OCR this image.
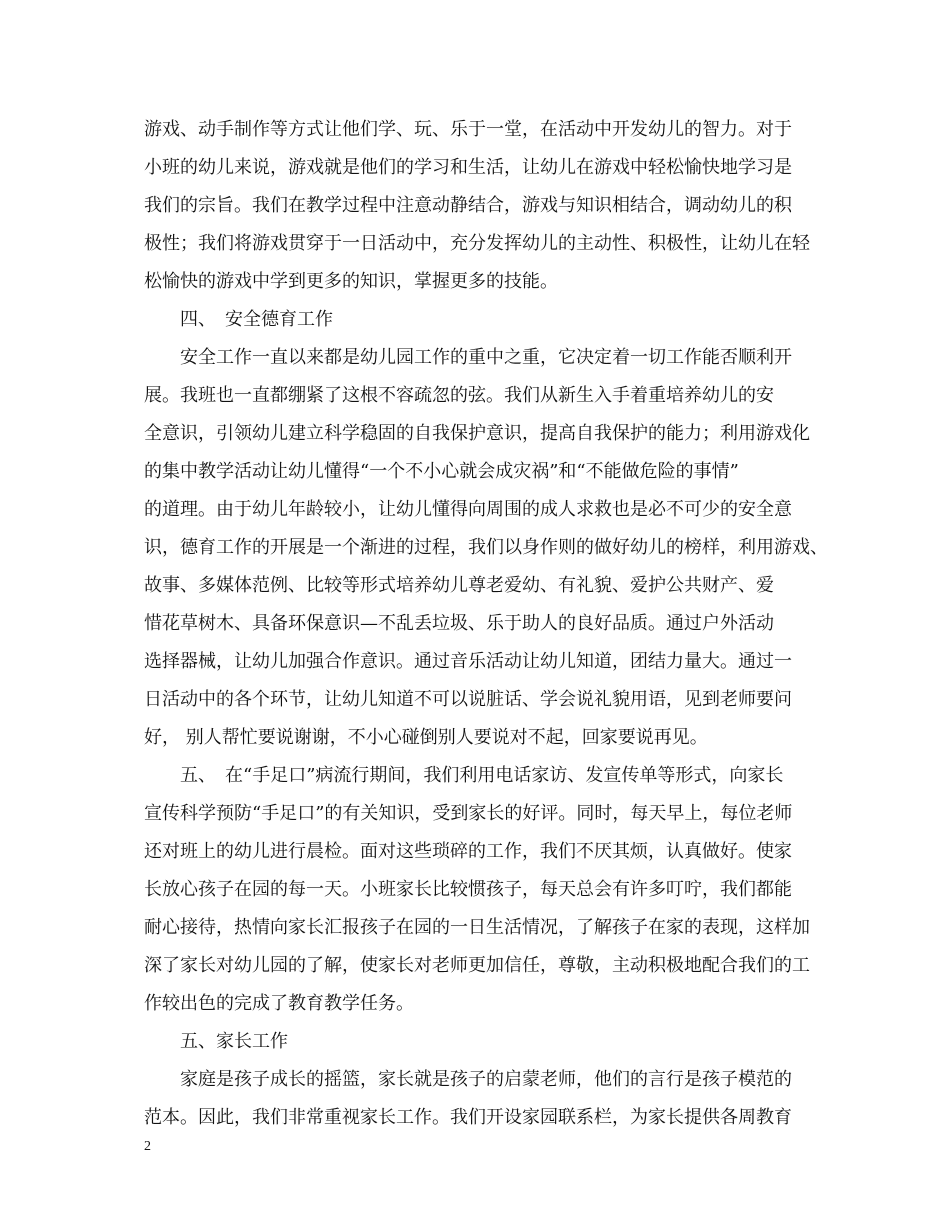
游戏、动手制作等方式让他们学、玩、乐于一堂，在活动中开发幼儿的智力。对于
小班的幼儿来说，游戏就是他们的学习和生活，让幼儿在游戏中轻松愉快地学习是
我们的宗旨。我们在教学过程中注意动静结合，游戏与知识相结合，调动幼儿的积
极性；我们将游戏贯穿于一日活动中，充分发挥幼儿的主动性、积极性，让幼儿在轻
松愉快的游戏中学到更多的知识，掌握更多的技能。
　　四、　安全德育工作
　　安全工作一直以来都是幼儿园工作的重中之重，它决定着一切工作能否顺利开
展。我班也一直都绷紧了这根不容疏忽的弦。我们从新生入手着重培养幼儿的安
全意识，引领幼儿建立科学稳固的自我保护意识，提高自我保护的能力；利用游戏化
的集中教学活动让幼儿懂得“一个不小心就会成灾祸”和“不能做危险的事情”
的道理。由于幼儿年龄较小，让幼儿懂得向周围的成人求救也是必不可少的安全意
识，德育工作的开展是一个渐进的过程，我们以身作则的做好幼儿的榜样，利用游戏、
故事、多媒体范例、比较等形式培养幼儿尊老爱幼、有礼貌、爱护公共财产、爱
惜花草树木、具备环保意识—不乱丢垃圾、乐于助人的良好品质。通过户外活动
选择器械，让幼儿加强合作意识。通过音乐活动让幼儿知道，团结力量大。通过一
日活动中的各个环节，让幼儿知道不可以说脏话、学会说礼貌用语，见到老师要问
好， 别人帮忙要说谢谢，不小心碰倒别人要说对不起，回家要说再见。
　　五、　在“手足口”病流行期间，我们利用电话家访、发宣传单等形式，向家长
宣传科学预防“手足口”的有关知识，受到家长的好评。同时，每天早上，每位老师
还对班上的幼儿进行晨检。面对这些琐碎的工作，我们不厌其烦，认真做好。使家
长放心孩子在园的每一天。小班家长比较惯孩子，每天总会有许多叮咛，我们都能
耐心接待，热情向家长汇报孩子在园的一日生活情况，了解孩子在家的表现，这样加
深了家长对幼儿园的了解，使家长对老师更加信任，尊敬，主动积极地配合我们的工
作较出色的完成了教育教学任务。
　　五、家长工作
　　家庭是孩子成长的摇篮，家长就是孩子的启蒙老师，他们的言行是孩子模范的
范本。因此，我们非常重视家长工作。我们开设家园联系栏，为家长提供各周教育
2
